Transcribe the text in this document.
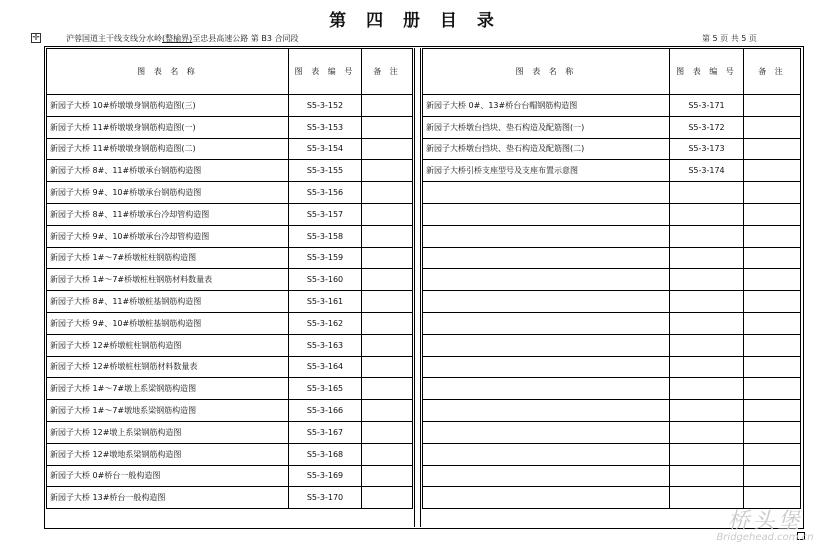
第 四 册 目 录
✛	沪蓉国道主干线支线分水岭(整榆界)至忠县高速公路 第 B3 合同段	第 5 页 共 5 页
图 表 名 称	图 表 编 号	备 注
新园子大桥 10#桥墩墩身钢筋构造图(三)	S5-3-152	
新园子大桥 11#桥墩墩身钢筋构造图(一)	S5-3-153	
新园子大桥 11#桥墩墩身钢筋构造图(二)	S5-3-154	
新园子大桥 8#、11#桥墩承台钢筋构造图	S5-3-155	
新园子大桥 9#、10#桥墩承台钢筋构造图	S5-3-156	
新园子大桥 8#、11#桥墩承台冷却管构造图	S5-3-157	
新园子大桥 9#、10#桥墩承台冷却管构造图	S5-3-158	
新园子大桥 1#～7#桥墩桩柱钢筋构造图	S5-3-159	
新园子大桥 1#～7#桥墩桩柱钢筋材料数量表	S5-3-160	
新园子大桥 8#、11#桥墩桩基钢筋构造图	S5-3-161	
新园子大桥 9#、10#桥墩桩基钢筋构造图	S5-3-162	
新园子大桥 12#桥墩桩柱钢筋构造图	S5-3-163	
新园子大桥 12#桥墩桩柱钢筋材料数量表	S5-3-164	
新园子大桥 1#～7#墩上系梁钢筋构造图	S5-3-165	
新园子大桥 1#～7#墩地系梁钢筋构造图	S5-3-166	
新园子大桥 12#墩上系梁钢筋构造图	S5-3-167	
新园子大桥 12#墩地系梁钢筋构造图	S5-3-168	
新园子大桥 0#桥台一般构造图	S5-3-169	
新园子大桥 13#桥台一般构造图	S5-3-170	
图 表 名 称	图 表 编 号	备 注
新园子大桥 0#、13#桥台台帽钢筋构造图	S5-3-171	
新园子大桥墩台挡块、垫石构造及配筋图(一)	S5-3-172	
新园子大桥墩台挡块、垫石构造及配筋图(二)	S5-3-173	
新园子大桥引桥支座型号及支座布置示意图	S5-3-174	

桥头堡
Bridgehead.com.cn
